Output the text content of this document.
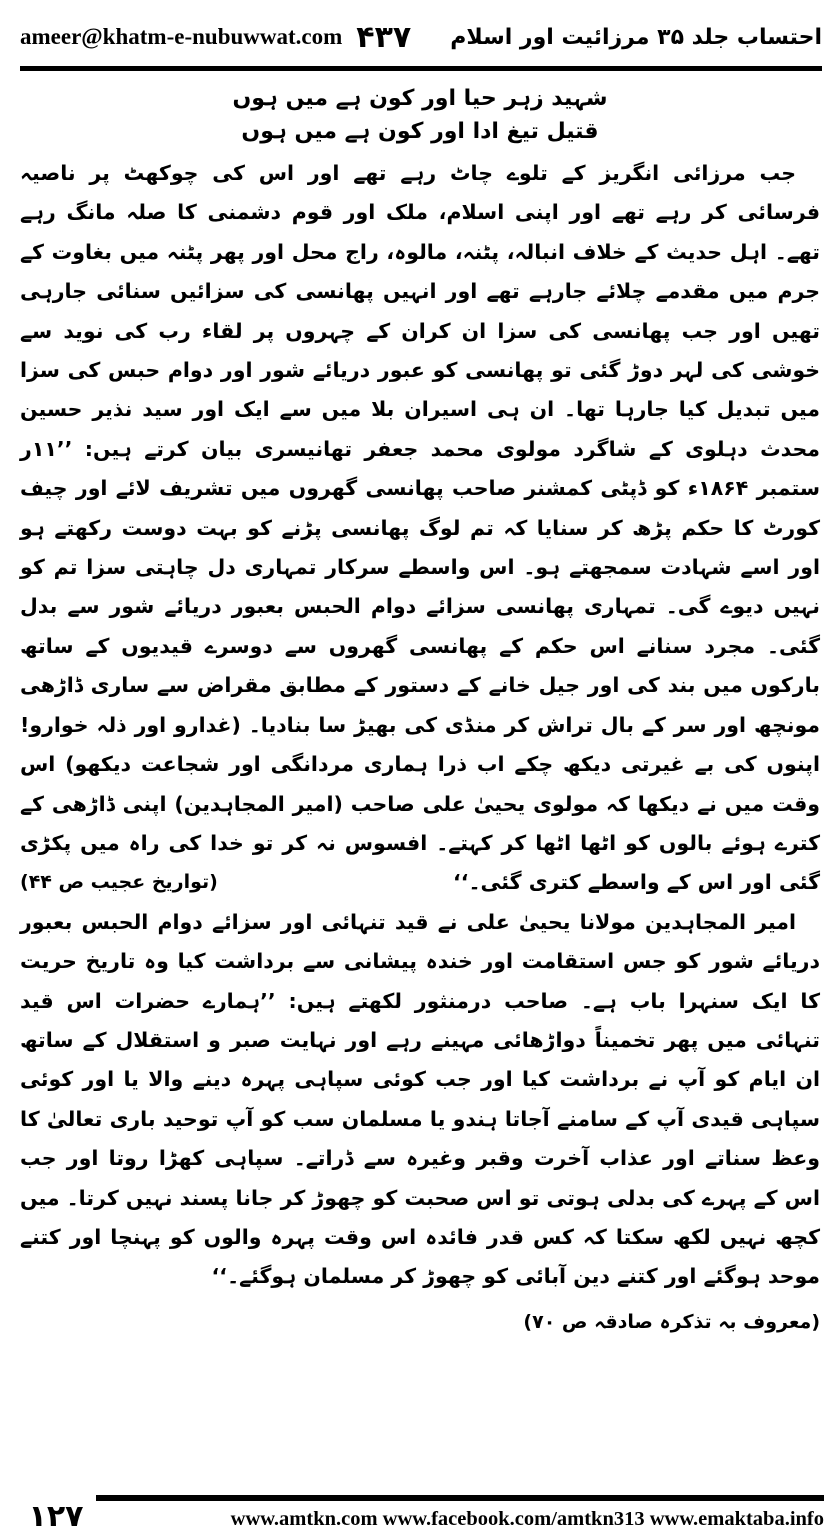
ameer@khatm-e-nubuwwat.com ۴۳۷ احتساب جلد ۳۵ مرزائیت اور اسلام

شہید زہر حیا اور کون ہے میں ہوں

قتیل تیغ ادا اور کون ہے میں ہوں

جب مرزائی انگریز کے تلوے چاٹ رہے تھے اور اس کی چوکھٹ پر ناصیہ فرسائی کر رہے تھے اور اپنی اسلام، ملک اور قوم دشمنی کا صلہ مانگ رہے تھے۔ اہل حدیث کے خلاف انبالہ، پٹنہ، مالوہ، راج محل اور پھر پٹنہ میں بغاوت کے جرم میں مقدمے چلائے جارہے تھے اور انہیں پھانسی کی سزائیں سنائی جارہی تھیں اور جب پھانسی کی سزا ان کران کے چہروں پر لقاء رب کی نوید سے خوشی کی لہر دوڑ گئی تو پھانسی کو عبور دریائے شور اور دوام حبس کی سزا میں تبدیل کیا جارہا تھا۔ ان ہی اسیران بلا میں سے ایک اور سید نذیر حسین محدث دہلوی کے شاگرد مولوی محمد جعفر تھانیسری بیان کرتے ہیں: ’’۱۱ر ستمبر ۱۸۶۴ء کو ڈپٹی کمشنر صاحب پھانسی گھروں میں تشریف لائے اور چیف کورٹ کا حکم پڑھ کر سنایا کہ تم لوگ پھانسی پڑنے کو بہت دوست رکھتے ہو اور اسے شہادت سمجھتے ہو۔ اس واسطے سرکار تمہاری دل چاہتی سزا تم کو نہیں دیوے گی۔ تمہاری پھانسی سزائے دوام الحبس بعبور دریائے شور سے بدل گئی۔ مجرد سنانے اس حکم کے پھانسی گھروں سے دوسرے قیدیوں کے ساتھ بارکوں میں بند کی اور جیل خانے کے دستور کے مطابق مقراض سے ساری ڈاڑھی مونچھ اور سر کے بال تراش کر منڈی کی بھیڑ سا بنادیا۔ (غدارو اور ذلہ خوارو! اپنوں کی بے غیرتی دیکھ چکے اب ذرا ہماری مردانگی اور شجاعت دیکھو) اس وقت میں نے دیکھا کہ مولوی یحییٰ علی صاحب (امیر المجاہدین) اپنی ڈاڑھی کے کترے ہوئے بالوں کو اٹھا اٹھا کر کہتے۔ افسوس نہ کر تو خدا کی راہ میں پکڑی گئی اور اس کے واسطے کتری گئی۔‘‘
(تواریخ عجیب ص ۴۴)

امیر المجاہدین مولانا یحییٰ علی نے قید تنہائی اور سزائے دوام الحبس بعبور دریائے شور کو جس استقامت اور خندہ پیشانی سے برداشت کیا وہ تاریخ حریت کا ایک سنہرا باب ہے۔ صاحب درمنثور لکھتے ہیں: ’’ہمارے حضرات اس قید تنہائی میں پھر تخمیناً دواڑھائی مہینے رہے اور نہایت صبر و استقلال کے ساتھ ان ایام کو آپ نے برداشت کیا اور جب کوئی سپاہی پہرہ دینے والا یا اور کوئی سپاہی قیدی آپ کے سامنے آجاتا ہندو یا مسلمان سب کو آپ توحید باری تعالیٰ کا وعظ سناتے اور عذاب آخرت وقبر وغیرہ سے ڈراتے۔ سپاہی کھڑا روتا اور جب اس کے پہرے کی بدلی ہوتی تو اس صحبت کو چھوڑ کر جانا پسند نہیں کرتا۔ میں کچھ نہیں لکھ سکتا کہ کس قدر فائدہ اس وقت پہرہ والوں کو پہنچا اور کتنے موحد ہوگئے اور کتنے دین آبائی کو چھوڑ کر مسلمان ہوگئے۔‘‘

(معروف بہ تذکرہ صادقہ ص ۷۰)
۱۲۷	www.amtkn.com www.facebook.com/amtkn313 www.emaktaba.info
